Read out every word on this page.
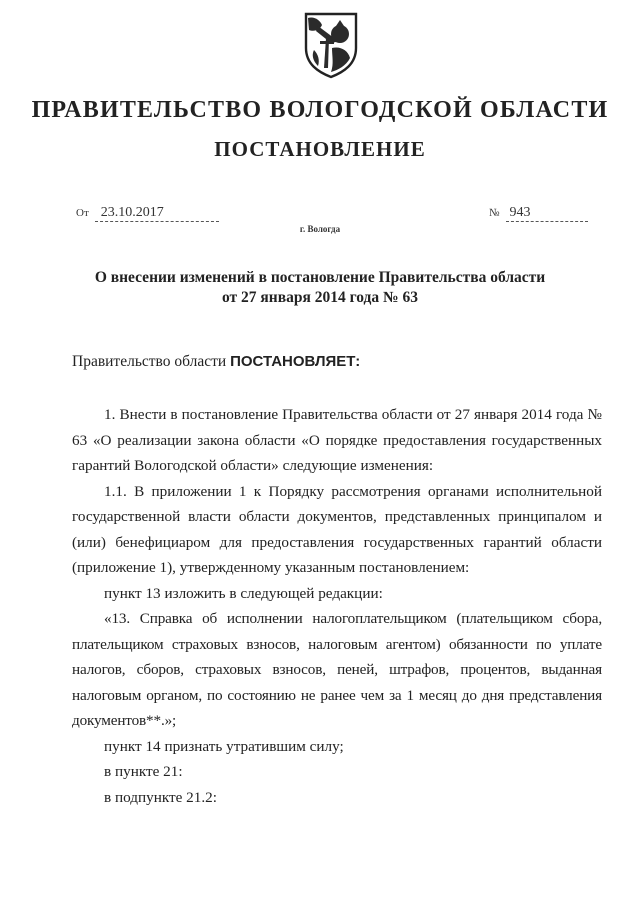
ПРАВИТЕЛЬСТВО ВОЛОГОДСКОЙ ОБЛАСТИ
ПОСТАНОВЛЕНИЕ
От 23.10.2017	№ 943
г. Вологда
О внесении изменений в постановление Правительства области
от 27 января 2014 года № 63
Правительство области ПОСТАНОВЛЯЕТ:

1. Внести в постановление Правительства области от 27 января 2014 года № 63 «О реализации закона области «О порядке предоставления государственных гарантий Вологодской области» следующие изменения:

1.1. В приложении 1 к Порядку рассмотрения органами исполнительной государственной власти области документов, представленных принципалом и (или) бенефициаром для предоставления государственных гарантий области (приложение 1), утвержденному указанным постановлением:

пункт 13 изложить в следующей редакции:

«13. Справка об исполнении налогоплательщиком (плательщиком сбора, плательщиком страховых взносов, налоговым агентом) обязанности по уплате налогов, сборов, страховых взносов, пеней, штрафов, процентов, выданная налоговым органом, по состоянию не ранее чем за 1 месяц до дня представления документов**.»;

пункт 14 признать утратившим силу;

в пункте 21:

в подпункте 21.2:
